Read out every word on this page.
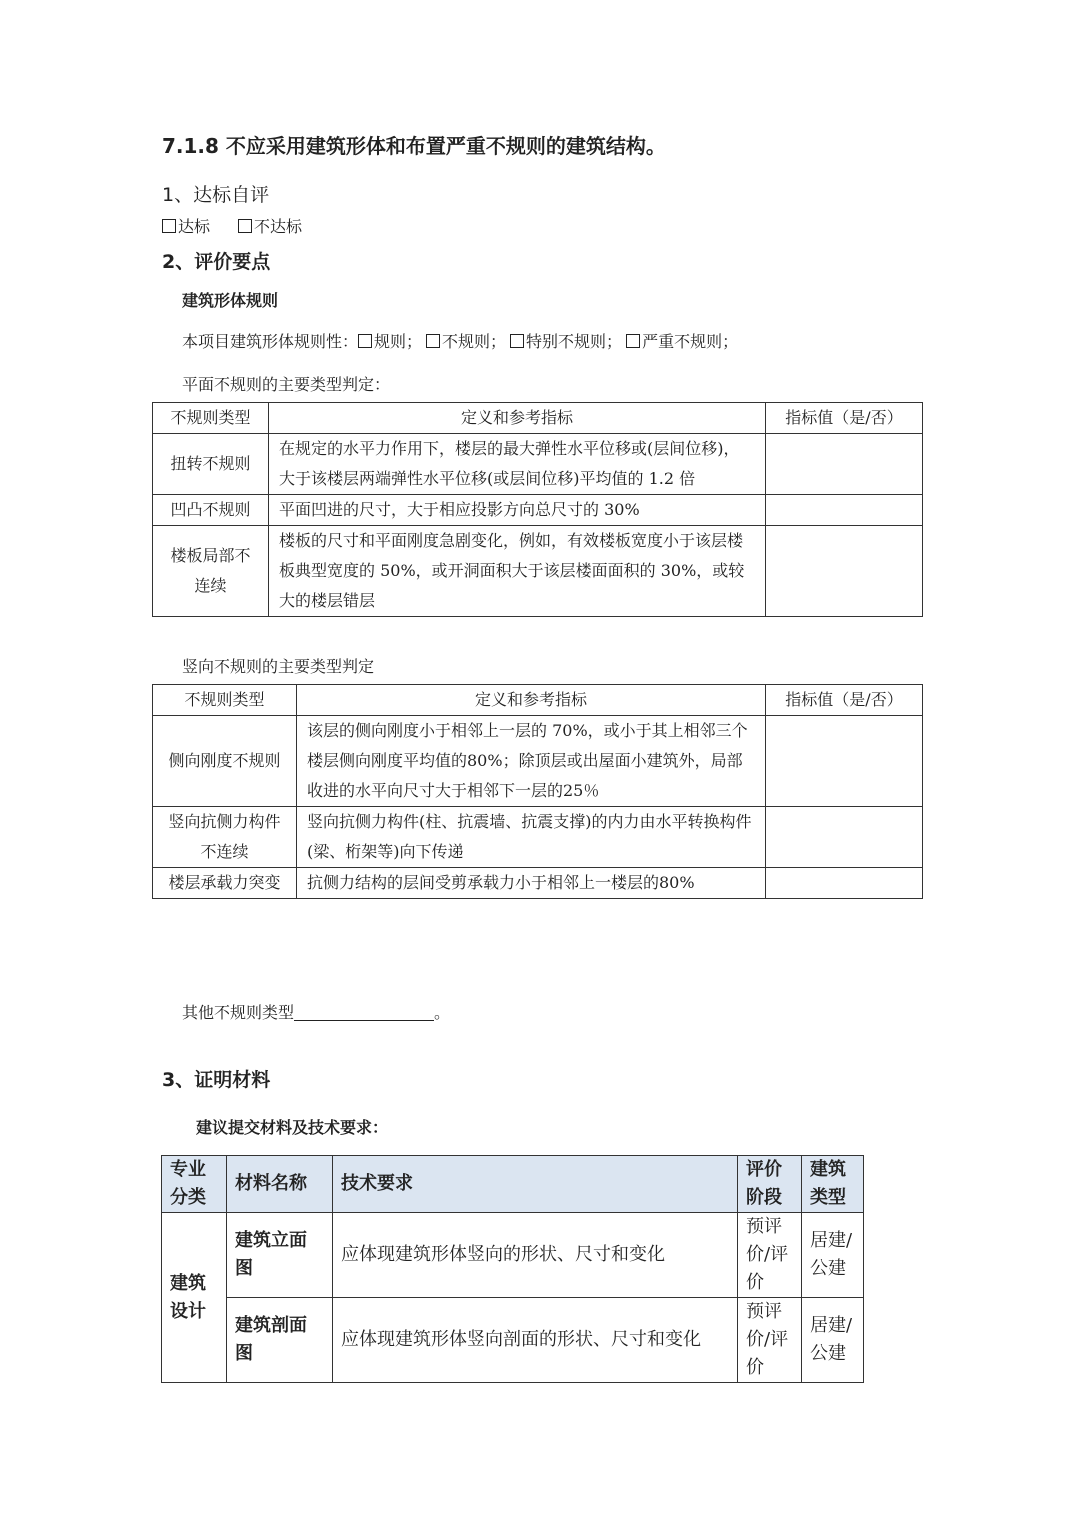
7.1.8 不应采用建筑形体和布置严重不规则的建筑结构。
1、达标自评
达标	不达标
2、评价要点
建筑形体规则
本项目建筑形体规则性： 规则； 不规则； 特别不规则； 严重不规则；
平面不规则的主要类型判定：
不规则类型	定义和参考指标	指标值（是/否）
扭转不规则	在规定的水平力作用下，楼层的最大弹性水平位移或(层间位移)，大于该楼层两端弹性水平位移(或层间位移)平均值的 1.2 倍	
凹凸不规则	平面凹进的尺寸，大于相应投影方向总尺寸的 30%	
楼板局部不连续	楼板的尺寸和平面刚度急剧变化，例如，有效楼板宽度小于该层楼板典型宽度的 50%，或开洞面积大于该层楼面面积的 30%，或较大的楼层错层	
竖向不规则的主要类型判定
不规则类型	定义和参考指标	指标值（是/否）
侧向刚度不规则	该层的侧向刚度小于相邻上一层的 70%，或小于其上相邻三个楼层侧向刚度平均值的80%；除顶层或出屋面小建筑外，局部收进的水平向尺寸大于相邻下一层的25％	
竖向抗侧力构件不连续	竖向抗侧力构件(柱、抗震墙、抗震支撑)的内力由水平转换构件(梁、桁架等)向下传递	
楼层承载力突变	抗侧力结构的层间受剪承载力小于相邻上一楼层的80%	
其他不规则类型	。
3、证明材料
建议提交材料及技术要求：
专业分类	材料名称	技术要求	评价阶段	建筑类型
建筑设计	建筑立面图	应体现建筑形体竖向的形状、尺寸和变化	预评价/评价	居建/公建
	建筑剖面图	应体现建筑形体竖向剖面的形状、尺寸和变化	预评价/评价	居建/公建
